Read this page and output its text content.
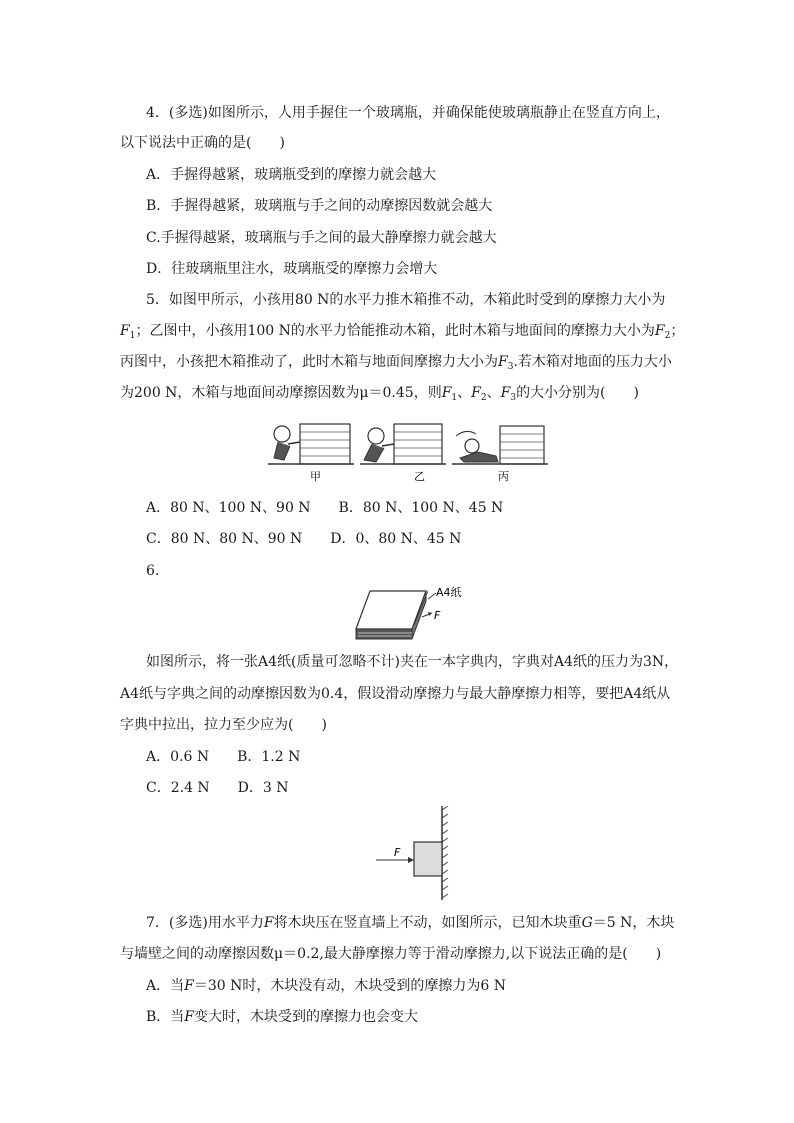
4．(多选)如图所示，人用手握住一个玻璃瓶，并确保能使玻璃瓶静止在竖直方向上，
以下说法中正确的是(　　)
A．手握得越紧，玻璃瓶受到的摩擦力就会越大
B．手握得越紧，玻璃瓶与手之间的动摩擦因数就会越大
C.手握得越紧，玻璃瓶与手之间的最大静摩擦力就会越大
D．往玻璃瓶里注水，玻璃瓶受的摩擦力会增大
5．如图甲所示，小孩用80 N的水平力推木箱推不动，木箱此时受到的摩擦力大小为
$F_1$；乙图中，小孩用100 N的水平力恰能推动木箱，此时木箱与地面间的摩擦力大小为$F_2$；
丙图中，小孩把木箱推动了，此时木箱与地面间摩擦力大小为$F_3$.若木箱对地面的压力大小
为200 N，木箱与地面间动摩擦因数为μ＝0.45，则$F_1$、$F_2$、$F_3$的大小分别为(　　)
甲	乙	丙
A．80 N、100 N、90 N　　B．80 N、100 N、45 N
C．80 N、80 N、90 N　　D．0、80 N、45 N
6.
A4纸
F
如图所示，将一张A4纸(质量可忽略不计)夹在一本字典内，字典对A4纸的压力为3N，
A4纸与字典之间的动摩擦因数为0.4，假设滑动摩擦力与最大静摩擦力相等，要把A4纸从
字典中拉出，拉力至少应为(　　)
A．0.6 N　　B．1.2 N
C．2.4 N　　D．3 N
F
7．(多选)用水平力F将木块压在竖直墙上不动，如图所示，已知木块重G＝5 N，木块
与墙壁之间的动摩擦因数μ＝0.2,最大静摩擦力等于滑动摩擦力,以下说法正确的是(　　)
A．当F＝30 N时，木块没有动，木块受到的摩擦力为6 N
B．当F变大时，木块受到的摩擦力也会变大
